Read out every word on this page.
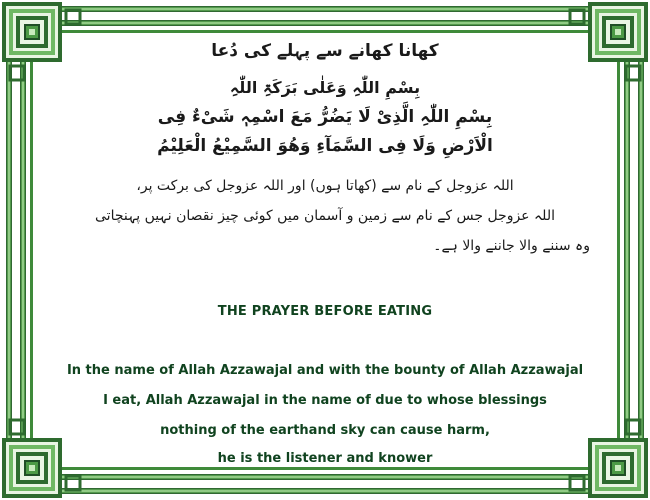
کھانا کھانے سے پہلے کی دُعا
بِسْمِ اللّٰہِ وَعَلٰی بَرَکَۃِ اللّٰہِ
بِسْمِ اللّٰہِ الَّذِیْ لَا یَضُرُّ مَعَ اسْمِہٖ شَیْءٌ فِی
الْاَرْضِ وَلَا فِی السَّمَآءِ وَھُوَ السَّمِیْعُ الْعَلِیْمُ
اللہ عزوجل کے نام سے (کھاتا ہوں) اور اللہ عزوجل کی برکت پر،
اللہ عزوجل جس کے نام سے زمین و آسمان میں کوئی چیز نقصان نہیں پہنچاتی
وہ سننے والا جاننے والا ہے۔
THE PRAYER BEFORE EATING
In the name of Allah Azzawajal and with the bounty of Allah Azzawajal
I eat, Allah Azzawajal in the name of due to whose blessings
nothing of the earthand sky can cause harm,
he is the listener and knower
